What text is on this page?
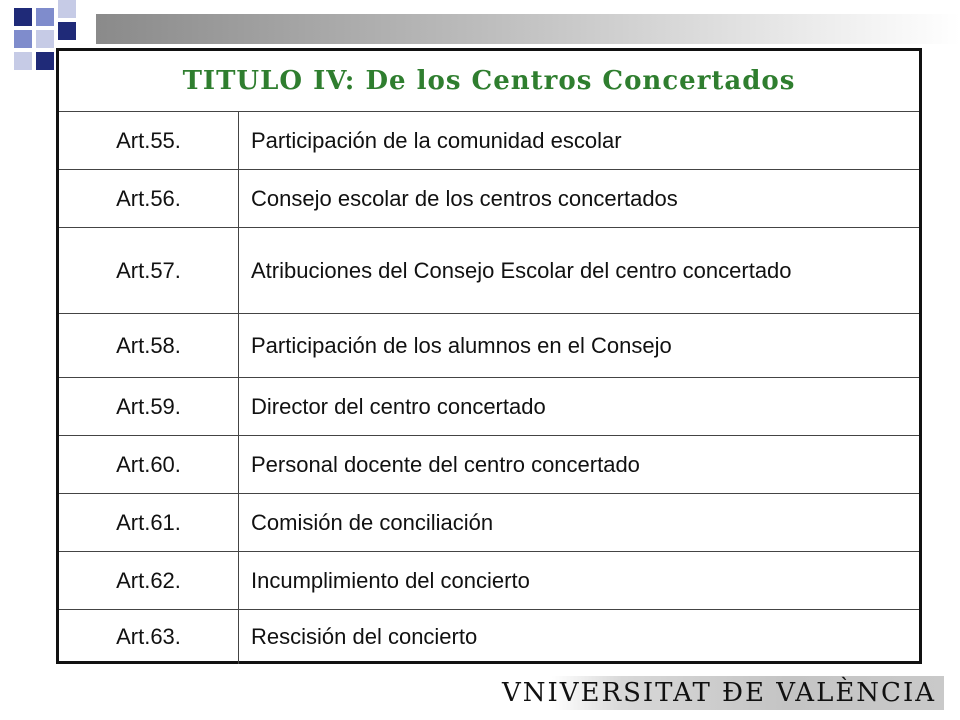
TITULO IV: De los Centros Concertados
Art.55.	Participación de la comunidad escolar
Art.56.	Consejo escolar de los centros concertados
Art.57.	Atribuciones del Consejo Escolar del centro concertado
Art.58.	Participación de los alumnos en el Consejo
Art.59.	Director del centro concertado
Art.60.	Personal docente del centro concertado
Art.61.	Comisión de conciliación
Art.62.	Incumplimiento del concierto
Art.63.	Rescisión del concierto
VNIVERSITAT ĐE VALÈNCIA
